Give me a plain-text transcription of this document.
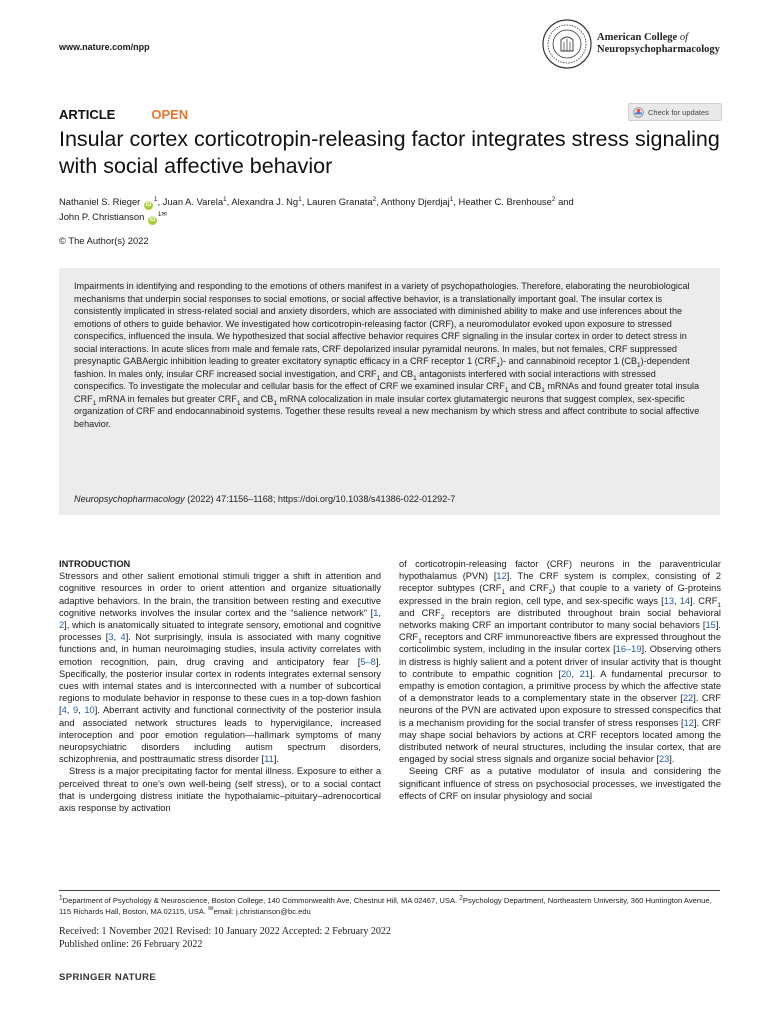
www.nature.com/npp
American College of
Neuropsychopharmacology
ARTICLE	OPEN	Check for updates
Insular cortex corticotropin-releasing factor integrates stress signaling with social affective behavior
Nathaniel S. Rieger $iD^1$, Juan A. Varela$^1$, Alexandra J. Ng$^1$, Lauren Granata$^2$, Anthony Djerdjaj$^1$, Heather C. Brenhouse$^2$ and
John P. Christianson $iD^{1✉}$
© The Author(s) 2022
Impairments in identifying and responding to the emotions of others manifest in a variety of psychopathologies. Therefore, elaborating the neurobiological mechanisms that underpin social responses to social emotions, or social affective behavior, is a translationally important goal. The insular cortex is consistently implicated in stress-related social and anxiety disorders, which are associated with diminished ability to make and use inferences about the emotions of others to guide behavior. We investigated how corticotropin-releasing factor (CRF), a neuromodulator evoked upon exposure to stressed conspecifics, influenced the insula. We hypothesized that social affective behavior requires CRF signaling in the insular cortex in order to detect stress in social interactions. In acute slices from male and female rats, CRF depolarized insular pyramidal neurons. In males, but not females, CRF suppressed presynaptic GABAergic inhibition leading to greater excitatory synaptic efficacy in a CRF receptor 1 $(CRF_1)-$ and cannabinoid receptor 1 $(CB_1)$-dependent fashion. In males only, insular CRF increased social investigation, and $CRF_1$ and $CB_1$ antagonists interfered with social interactions with stressed conspecifics. To investigate the molecular and cellular basis for the effect of CRF we examined insular $CRF_1$ and $CB_1$ mRNAs and found greater total insula $CRF_1$ mRNA in females but greater $CRF_1$ and $CB_1$ mRNA colocalization in male insular cortex glutamatergic neurons that suggest complex, sex-specific organization of CRF and endocannabinoid systems. Together these results reveal a new mechanism by which stress and affect contribute to social affective behavior.
Neuropsychopharmacology (2022) 47:1156–1168; https://doi.org/10.1038/s41386-022-01292-7
INTRODUCTION

Stressors and other salient emotional stimuli trigger a shift in attention and cognitive resources in order to orient attention and organize situationally adaptive behaviors. In the brain, the transition between resting and executive cognitive networks involves the insular cortex and the “salience network” [1, 2], which is anatomically situated to integrate sensory, emotional and cognitive processes [3, 4]. Not surprisingly, insula is associated with many cognitive functions and, in human neuroimaging studies, insula activity correlates with emotion recognition, pain, drug craving and anticipatory fear [5–8]. Specifically, the posterior insular cortex in rodents integrates external sensory cues with internal states and is interconnected with a number of subcortical regions to modulate behavior in response to these cues in a top-down fashion [4, 9, 10]. Aberrant activity and functional connectivity of the posterior insula and associated network structures leads to hypervigilance, increased interoception and poor emotion regulation—hallmark symptoms of many neuropsychiatric disorders including autism spectrum disorders, schizophrenia, and posttraumatic stress disorder [11].

Stress is a major precipitating factor for mental illness. Exposure to either a perceived threat to one’s own well-being (self stress), or to a social contact that is undergoing distress initiate the hypothalamic–pituitary–adrenocortical axis response by activation

of corticotropin-releasing factor (CRF) neurons in the paraventricular hypothalamus (PVN) [12]. The CRF system is complex, consisting of 2 receptor subtypes ($CRF_1$ and $CRF_2$) that couple to a variety of G-proteins expressed in the brain region, cell type, and sex-specific ways [13, 14]. $CRF_1$ and $CRF_2$ receptors are distributed throughout brain social behavioral networks making CRF an important contributor to many social behaviors [15]. $CRF_1$ receptors and CRF immunoreactive fibers are expressed throughout the corticolimbic system, including in the insular cortex [16–19]. Observing others in distress is highly salient and a potent driver of insular activity that is thought to contribute to empathic cognition [20, 21]. A fundamental precursor to empathy is emotion contagion, a primitive process by which the affective state of a demonstrator leads to a complementary state in the observer [22]. CRF neurons of the PVN are activated upon exposure to stressed conspecifics that is a mechanism providing for the social transfer of stress responses [12]. CRF may shape social behaviors by actions at CRF receptors located among the distributed network of neural structures, including the insular cortex, that are engaged by social stress signals and organize social behavior [23].

Seeing CRF as a putative modulator of insula and considering the significant influence of stress on psychosocial processes, we investigated the effects of CRF on insular physiology and social

$^1$Department of Psychology & Neuroscience, Boston College, 140 Commonwealth Ave, Chestnut Hill, MA 02467, USA. $^2$Psychology Department, Northeastern University, 360 Huntington Avenue, 115 Richards Hall, Boston, MA 02115, USA. ✉email: j.christianson@bc.edu
Received: 1 November 2021 Revised: 10 January 2022 Accepted: 2 February 2022
Published online: 26 February 2022
SPRINGER NATURE
